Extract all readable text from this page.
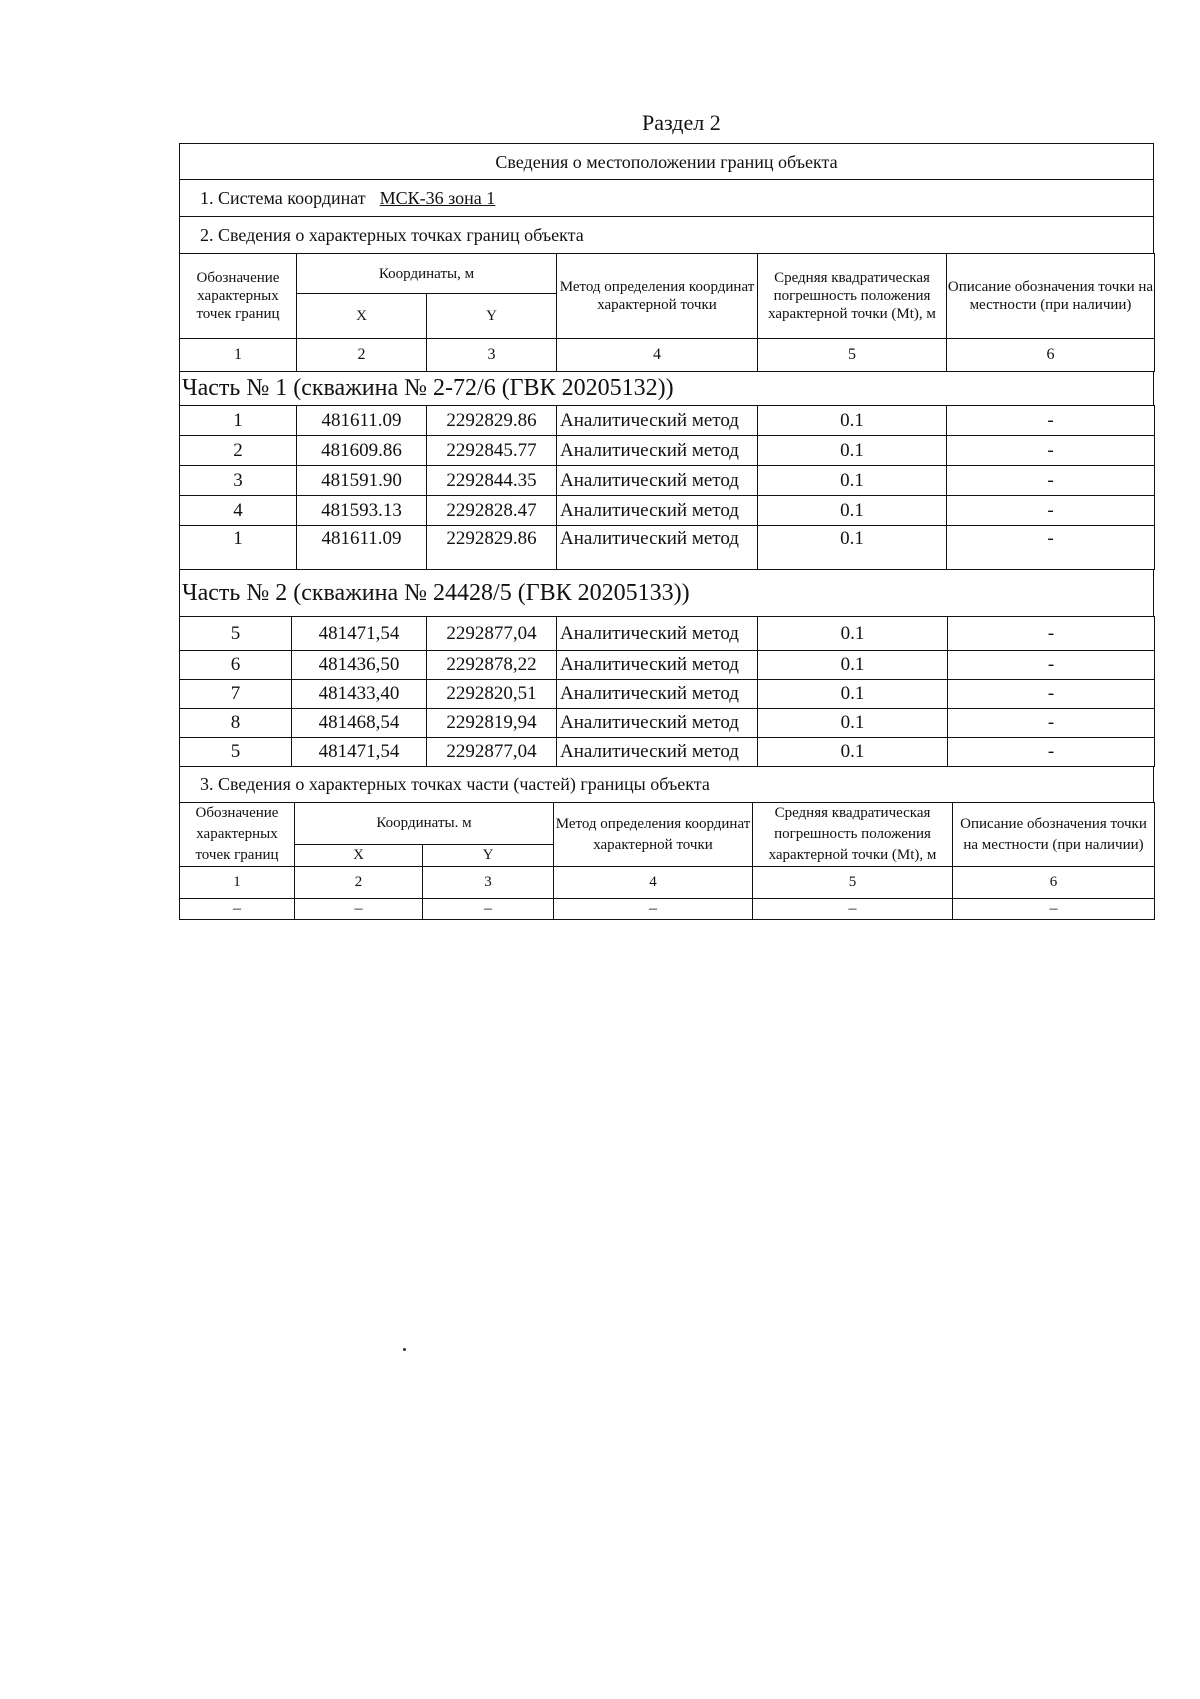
Раздел 2
Сведения о местоположении границ объекта
1. Система координат МСК-36 зона 1
2. Сведения о характерных точках границ объекта
Обозначение характерных точек границ	Координаты, м		Метод определения координат характерной точки	Средняя квадратическая погрешность положения характерной точки (Mt), м	Описание обозначения точки на местности (при наличии)
	X	Y			
1	2	3	4	5	6
Часть № 1 (скважина № 2-72/6 (ГВК 20205132))
1	481611.09	2292829.86	Аналитический метод	0.1	-
2	481609.86	2292845.77	Аналитический метод	0.1	-
3	481591.90	2292844.35	Аналитический метод	0.1	-
4	481593.13	2292828.47	Аналитический метод	0.1	-
1	481611.09	2292829.86	Аналитический метод	0.1	-
Часть № 2 (скважина № 24428/5 (ГВК 20205133))
5	481471,54	2292877,04	Аналитический метод	0.1	-
6	481436,50	2292878,22	Аналитический метод	0.1	-
7	481433,40	2292820,51	Аналитический метод	0.1	-
8	481468,54	2292819,94	Аналитический метод	0.1	-
5	481471,54	2292877,04	Аналитический метод	0.1	-
3. Сведения о характерных точках части (частей) границы объекта
Обозначение характерных точек границ	Координаты. м		Метод определения координат характерной точки	Средняя квадратическая погрешность положения характерной точки (Mt), м	Описание обозначения точки на местности (при наличии)
	X	Y			
1	2	3	4	5	6
–	–	–	–	–	–
